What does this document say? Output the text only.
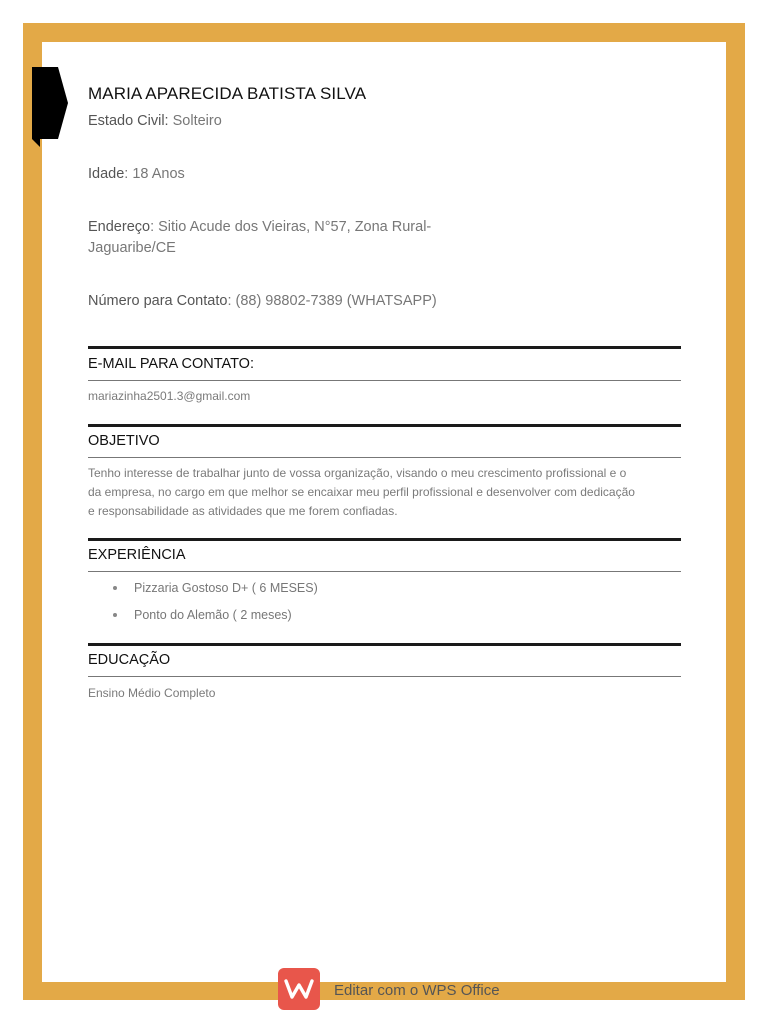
MARIA APARECIDA BATISTA SILVA
Estado Civil: Solteiro
Idade: 18 Anos
Endereço: Sitio Acude dos Vieiras, N°57, Zona Rural-
Jaguaribe/CE
Número para Contato: (88) 98802-7389 (WHATSAPP)
E-MAIL PARA CONTATO:
mariazinha2501.3@gmail.com
OBJETIVO
Tenho interesse de trabalhar junto de vossa organização, visando o meu crescimento profissional e o
da empresa, no cargo em que melhor se encaixar meu perfil profissional e desenvolver com dedicação
e responsabilidade as atividades que me forem confiadas.
EXPERIÊNCIA
Pizzaria Gostoso D+ ( 6 MESES)
Ponto do Alemão ( 2 meses)
EDUCAÇÃO
Ensino Médio Completo
Editar com o WPS Office
